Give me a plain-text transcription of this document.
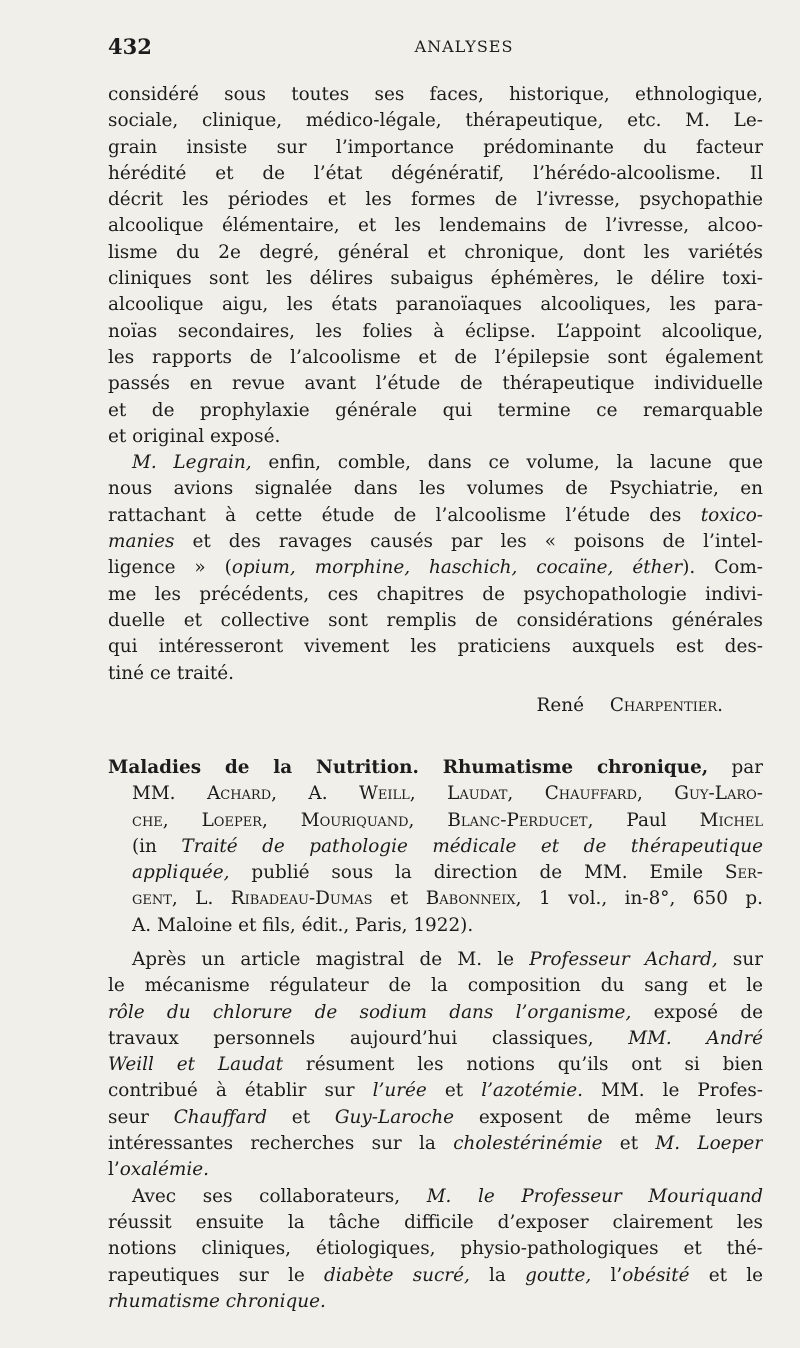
432	ANALYSES
considéré sous toutes ses faces, historique, ethnologique,
sociale, clinique, médico-légale, thérapeutique, etc. M. Le-
grain insiste sur l’importance prédominante du facteur
hérédité et de l’état dégénératif, l’hérédo-alcoolisme. Il
décrit les périodes et les formes de l’ivresse, psychopathie
alcoolique élémentaire, et les lendemains de l’ivresse, alcoo-
lisme du 2e degré, général et chronique, dont les variétés
cliniques sont les délires subaigus éphémères, le délire toxi-
alcoolique aigu, les états paranoïaques alcooliques, les para-
noïas secondaires, les folies à éclipse. L’appoint alcoolique,
les rapports de l’alcoolisme et de l’épilepsie sont également
passés en revue avant l’étude de thérapeutique individuelle
et de prophylaxie générale qui termine ce remarquable
et original exposé.
M. Legrain, enfin, comble, dans ce volume, la lacune que
nous avions signalée dans les volumes de Psychiatrie, en
rattachant à cette étude de l’alcoolisme l’étude des toxico-
manies et des ravages causés par les « poisons de l’intel-
ligence » (opium, morphine, haschich, cocaïne, éther). Com-
me les précédents, ces chapitres de psychopathologie indivi-
duelle et collective sont remplis de considérations générales
qui intéresseront vivement les praticiens auxquels est des-
tiné ce traité.
René Charpentier.
Maladies de la Nutrition. Rhumatisme chronique, par
MM. Achard, A. Weill, Laudat, Chauffard, Guy-Laro-
che, Loeper, Mouriquand, Blanc-Perducet, Paul Michel
(in Traité de pathologie médicale et de thérapeutique
appliquée, publié sous la direction de MM. Emile Ser-
gent, L. Ribadeau-Dumas et Babonneix, 1 vol., in-8°, 650 p.
A. Maloine et fils, édit., Paris, 1922).
Après un article magistral de M. le Professeur Achard, sur
le mécanisme régulateur de la composition du sang et le
rôle du chlorure de sodium dans l’organisme, exposé de
travaux personnels aujourd’hui classiques, MM. André
Weill et Laudat résument les notions qu’ils ont si bien
contribué à établir sur l’urée et l’azotémie. MM. le Profes-
seur Chauffard et Guy-Laroche exposent de même leurs
intéressantes recherches sur la cholestérinémie et M. Loeper
l’oxalémie.
Avec ses collaborateurs, M. le Professeur Mouriquand
réussit ensuite la tâche difficile d’exposer clairement les
notions cliniques, étiologiques, physio-pathologiques et thé-
rapeutiques sur le diabète sucré, la goutte, l’obésité et le
rhumatisme chronique.
